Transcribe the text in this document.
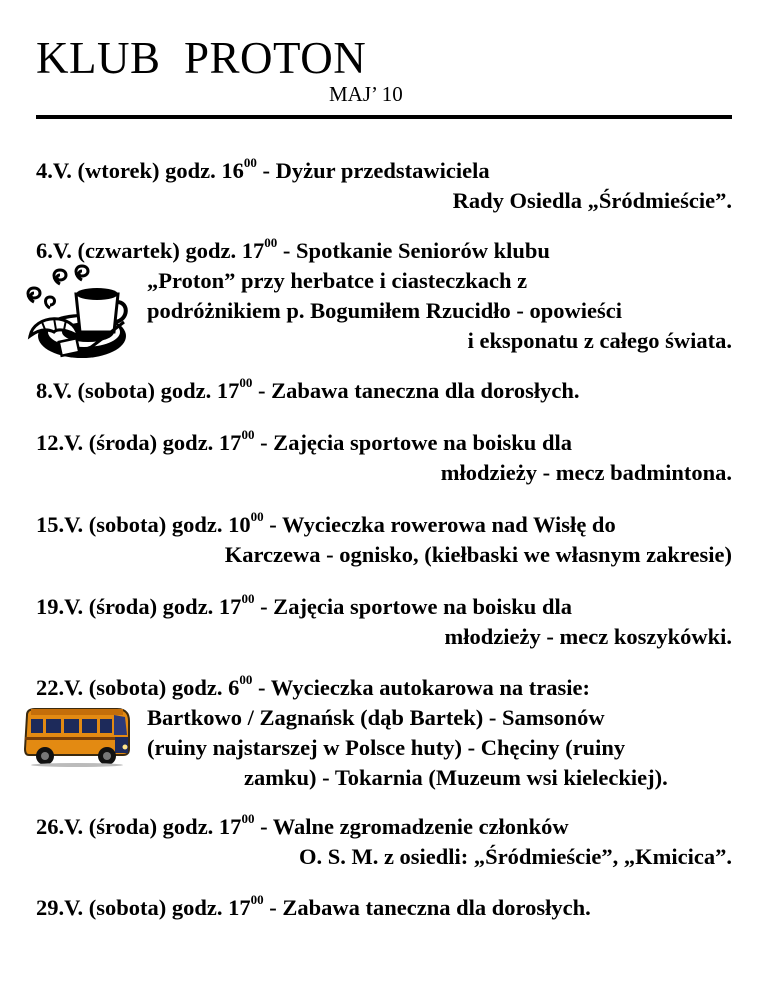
KLUB  PROTON
MAJ’ 10
4.V. (wtorek) godz. $16^{00}$ - Dyżur przedstawiciela
Rady Osiedla „Śródmieście”.
6.V. (czwartek) godz. $17^{00}$ - Spotkanie Seniorów klubu
„Proton” przy herbatce i ciasteczkach z
podróżnikiem p. Bogumiłem Rzucidło - opowieści
i eksponatu z całego świata.
8.V. (sobota) godz. $17^{00}$ - Zabawa taneczna dla dorosłych.
12.V. (środa) godz. $17^{00}$ - Zajęcia sportowe na boisku dla
młodzieży - mecz badmintona.
15.V. (sobota) godz. $10^{00}$ - Wycieczka rowerowa nad Wisłę do
Karczewa - ognisko, (kiełbaski we własnym zakresie)
19.V. (środa) godz. $17^{00}$ - Zajęcia sportowe na boisku dla
młodzieży - mecz koszykówki.
22.V. (sobota) godz. $6^{00}$ - Wycieczka autokarowa na trasie:
Bartkowo / Zagnańsk (dąb Bartek) - Samsonów
(ruiny najstarszej w Polsce huty) - Chęciny (ruiny
zamku) - Tokarnia (Muzeum wsi kieleckiej).
26.V. (środa) godz. $17^{00}$ - Walne zgromadzenie członków
O. S. M. z osiedli: „Śródmieście”, „Kmicica”.
29.V. (sobota) godz. $17^{00}$ - Zabawa taneczna dla dorosłych.
